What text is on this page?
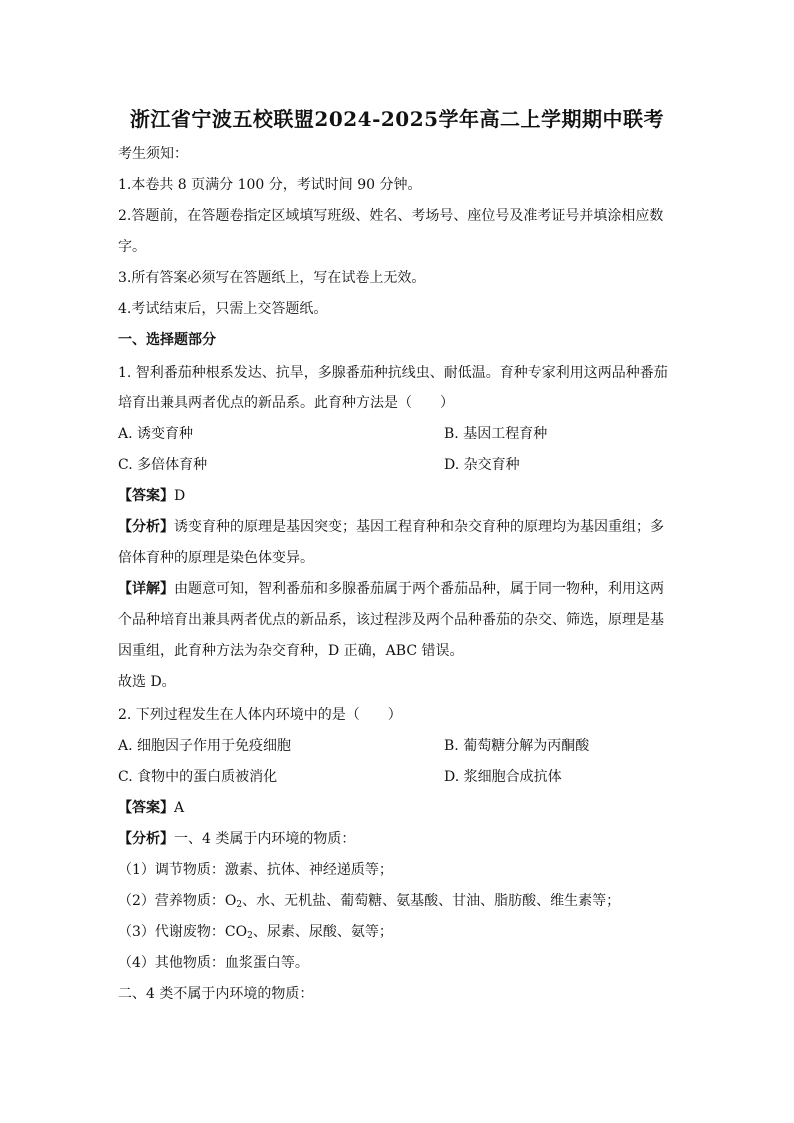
浙江省宁波五校联盟2024-2025学年高二上学期期中联考
考生须知：
1.本卷共 8 页满分 100 分，考试时间 90 分钟。
2.答题前，在答题卷指定区域填写班级、姓名、考场号、座位号及准考证号并填涂相应数
字。
3.所有答案必须写在答题纸上，写在试卷上无效。
4.考试结束后，只需上交答题纸。
一、选择题部分
1. 智利番茄种根系发达、抗旱，多腺番茄种抗线虫、耐低温。育种专家利用这两品种番茄
培育出兼具两者优点的新品系。此育种方法是（　　）
A. 诱变育种	B. 基因工程育种
C. 多倍体育种	D. 杂交育种
【答案】D
【分析】诱变育种的原理是基因突变；基因工程育种和杂交育种的原理均为基因重组；多
倍体育种的原理是染色体变异。
【详解】由题意可知，智利番茄和多腺番茄属于两个番茄品种，属于同一物种，利用这两
个品种培育出兼具两者优点的新品系，该过程涉及两个品种番茄的杂交、筛选，原理是基
因重组，此育种方法为杂交育种，D 正确，ABC 错误。
故选 D。
2. 下列过程发生在人体内环境中的是（　　）
A. 细胞因子作用于免疫细胞	B. 葡萄糖分解为丙酮酸
C. 食物中的蛋白质被消化	D. 浆细胞合成抗体
【答案】A
【分析】一、4 类属于内环境的物质：
（1）调节物质：激素、抗体、神经递质等；
（2）营养物质：$O_2$、水、无机盐、葡萄糖、氨基酸、甘油、脂肪酸、维生素等；
（3）代谢废物：$CO_2$、尿素、尿酸、氨等；
（4）其他物质：血浆蛋白等。
二、4 类不属于内环境的物质：
